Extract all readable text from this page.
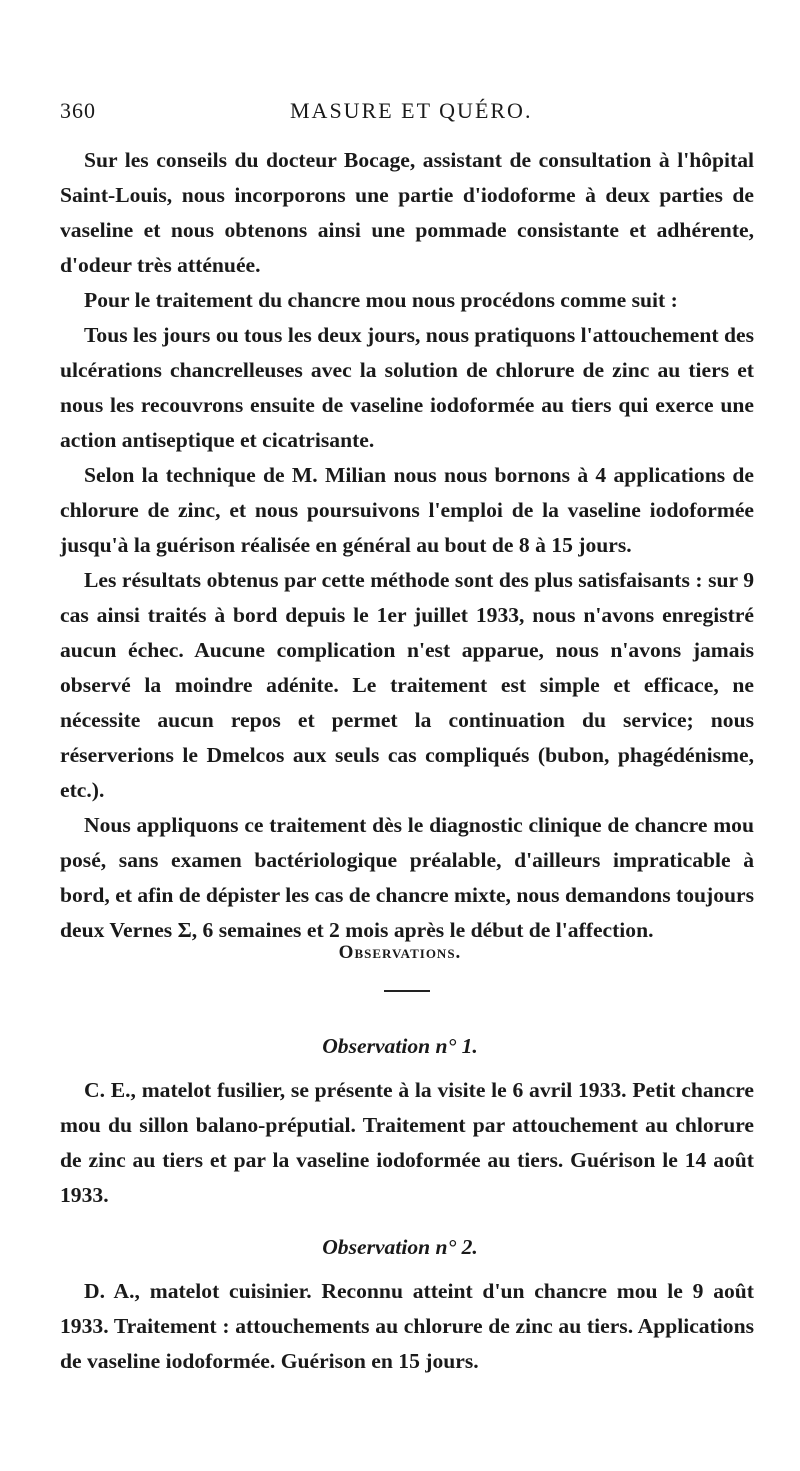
360	MASURE ET QUÉRO.

Sur les conseils du docteur Bocage, assistant de consultation à l'hôpital Saint-Louis, nous incorporons une partie d'iodoforme à deux parties de vaseline et nous obtenons ainsi une pommade consistante et adhérente, d'odeur très atténuée.

Pour le traitement du chancre mou nous procédons comme suit :

Tous les jours ou tous les deux jours, nous pratiquons l'attouchement des ulcérations chancrelleuses avec la solution de chlorure de zinc au tiers et nous les recouvrons ensuite de vaseline iodoformée au tiers qui exerce une action antiseptique et cicatrisante.

Selon la technique de M. Milian nous nous bornons à 4 applications de chlorure de zinc, et nous poursuivons l'emploi de la vaseline iodoformée jusqu'à la guérison réalisée en général au bout de 8 à 15 jours.

Les résultats obtenus par cette méthode sont des plus satisfaisants : sur 9 cas ainsi traités à bord depuis le 1er juillet 1933, nous n'avons enregistré aucun échec. Aucune complication n'est apparue, nous n'avons jamais observé la moindre adénite. Le traitement est simple et efficace, ne nécessite aucun repos et permet la continuation du service; nous réserverions le Dmelcos aux seuls cas compliqués (bubon, phagédénisme, etc.).

Nous appliquons ce traitement dès le diagnostic clinique de chancre mou posé, sans examen bactériologique préalable, d'ailleurs impraticable à bord, et afin de dépister les cas de chancre mixte, nous demandons toujours deux Vernes Σ, 6 semaines et 2 mois après le début de l'affection.

Observations.
Observation n° 1.

C. E., matelot fusilier, se présente à la visite le 6 avril 1933. Petit chancre mou du sillon balano-préputial. Traitement par attouchement au chlorure de zinc au tiers et par la vaseline iodoformée au tiers. Guérison le 14 août 1933.

Observation n° 2.

D. A., matelot cuisinier. Reconnu atteint d'un chancre mou le 9 août 1933. Traitement : attouchements au chlorure de zinc au tiers. Applications de vaseline iodoformée. Guérison en 15 jours.
